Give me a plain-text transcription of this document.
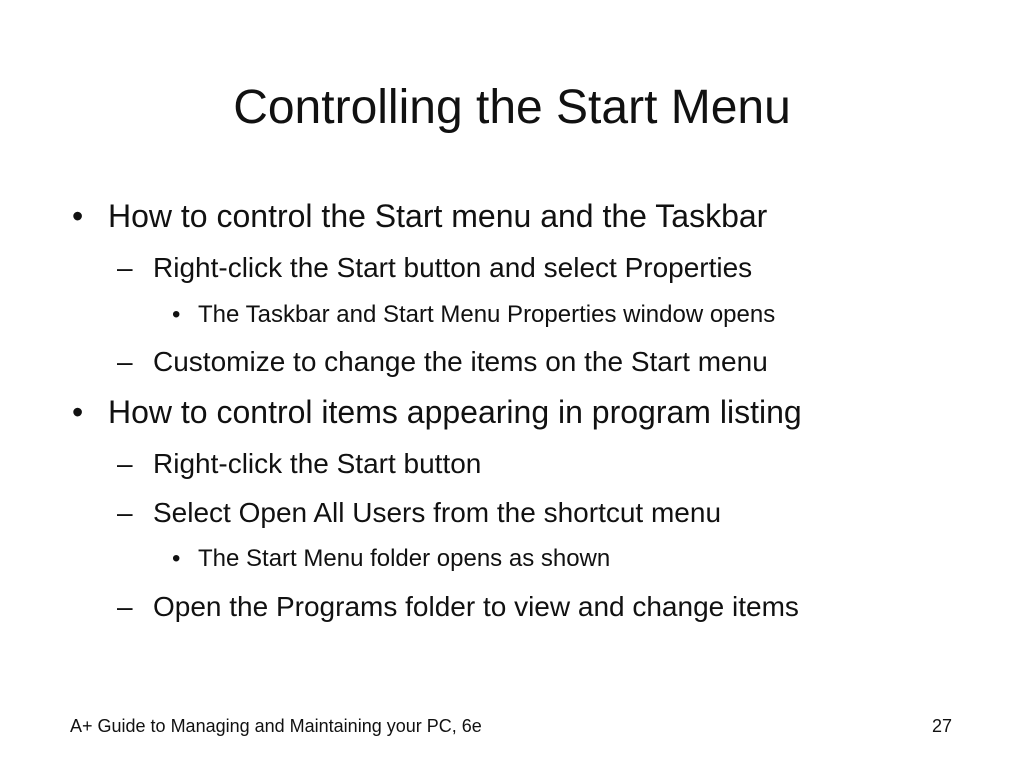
Controlling the Start Menu
• How to control the Start menu and the Taskbar
– Right-click the Start button and select Properties
• The Taskbar and Start Menu Properties window opens
– Customize to change the items on the Start menu
• How to control items appearing in program listing
– Right-click the Start button
– Select Open All Users from the shortcut menu
• The Start Menu folder opens as shown
– Open the Programs folder to view and change items
A+ Guide to Managing and Maintaining your PC, 6e	27
